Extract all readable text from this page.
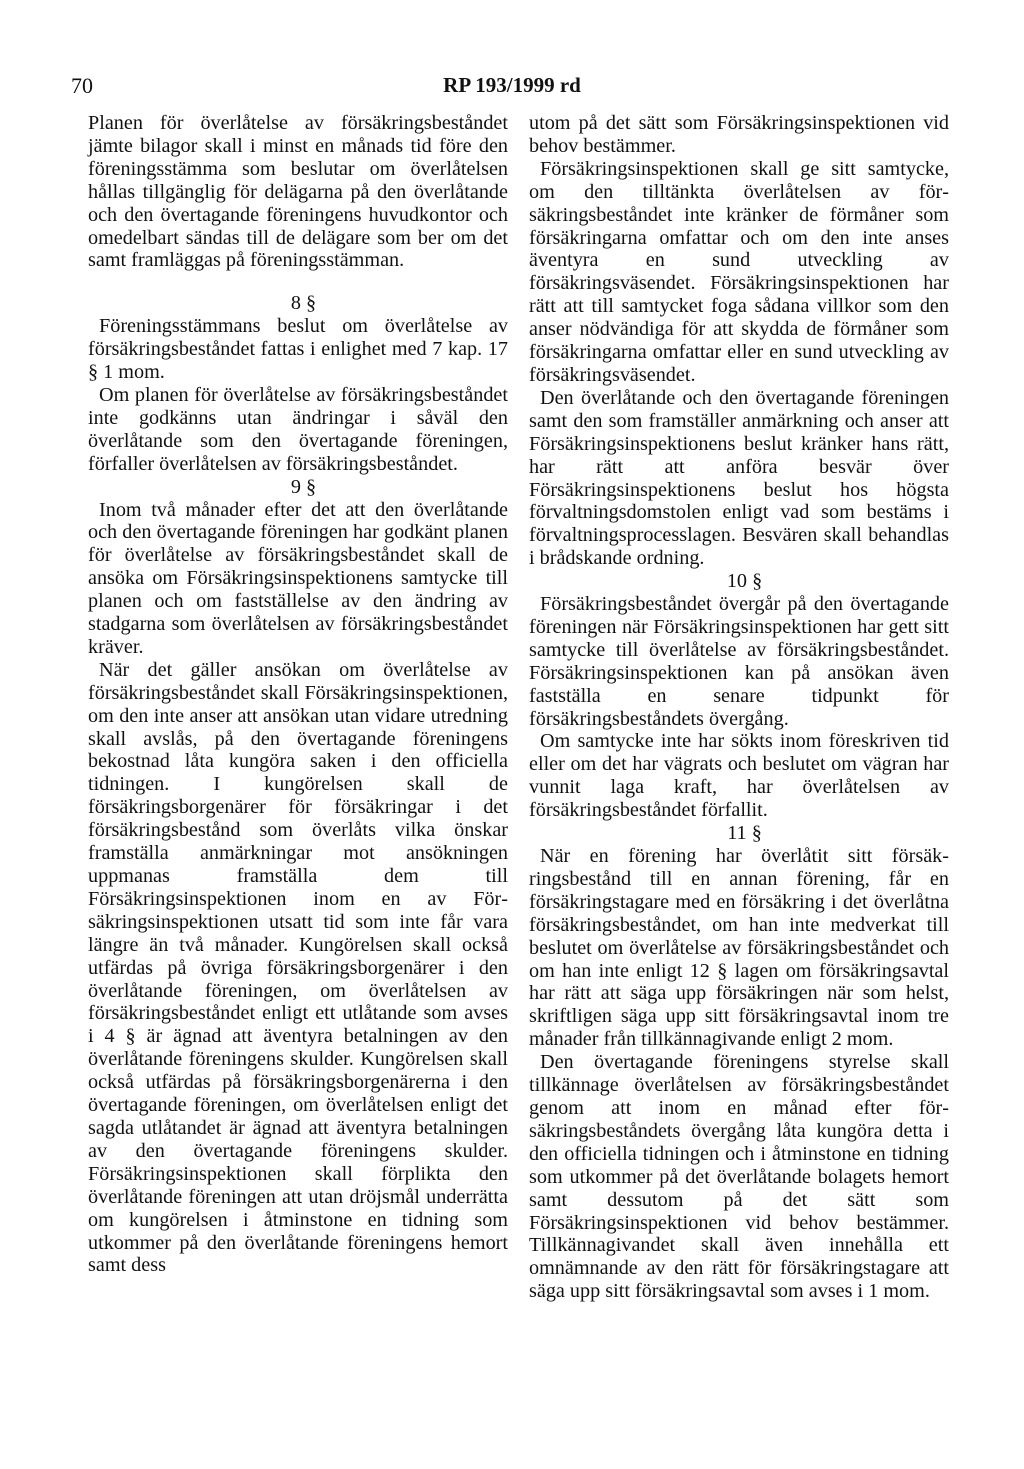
70	RP 193/1999 rd

Planen för överlåtelse av försäkringsbeståndet jämte bilagor skall i minst en månads tid före den föreningsstämma som beslutar om överlåtelsen hållas tillgänglig för delägarna på den överlåtande och den övertagande föreningens huvudkontor och omedelbart sändas till de delägare som ber om det samt framläggas på föreningsstämman.

8 §

Föreningsstämmans beslut om överlåtelse av försäkringsbeståndet fattas i enlighet med 7 kap. 17 § 1 mom.

Om planen för överlåtelse av försäkringsbeståndet inte godkänns utan ändringar i såväl den överlåtande som den övertagande föreningen, förfaller överlåtelsen av försäkringsbeståndet.

9 §

Inom två månader efter det att den överlåtande och den övertagande föreningen har godkänt planen för överlåtelse av försäkringsbeståndet skall de ansöka om Försäkringsinspektionens samtycke till planen och om fastställelse av den ändring av stadgarna som överlåtelsen av försäkringsbeståndet kräver.

När det gäller ansökan om överlåtelse av försäkringsbeståndet skall Försäkringsinspektionen, om den inte anser att ansökan utan vidare utredning skall avslås, på den övertagande föreningens bekostnad låta kungöra saken i den officiella tidningen. I kungörelsen skall de försäkringsborgenärer för försäkringar i det försäkringsbestånd som överlåts vilka önskar framställa anmärkningar mot ansökningen uppmanas framställa dem till Försäkringsinspektionen inom en av Försäkringsinspektionen utsatt tid som inte får vara längre än två månader. Kungörelsen skall också utfärdas på övriga försäkringsborgenärer i den överlåtande föreningen, om överlåtelsen av försäkringsbeståndet enligt ett utlåtande som avses i 4 § är ägnad att äventyra betalningen av den överlåtande föreningens skulder. Kungörelsen skall också utfärdas på försäkringsborgenärerna i den övertagande föreningen, om överlåtelsen enligt det sagda utlåtandet är ägnad att äventyra betalningen av den övertagande föreningens skulder. Försäkringsinspektionen skall förplikta den överlåtande föreningen att utan dröjsmål underrätta om kungörelsen i åtminstone en tidning som utkommer på den överlåtande föreningens hemort samt dess

utom på det sätt som Försäkringsinspektionen vid behov bestämmer.

Försäkringsinspektionen skall ge sitt samtycke, om den tilltänkta överlåtelsen av försäkringsbeståndet inte kränker de förmåner som försäkringarna omfattar och om den inte anses äventyra en sund utveckling av försäkringsväsendet. Försäkringsinspektionen har rätt att till samtycket foga sådana villkor som den anser nödvändiga för att skydda de förmåner som försäkringarna omfattar eller en sund utveckling av försäkringsväsendet.

Den överlåtande och den övertagande föreningen samt den som framställer anmärkning och anser att Försäkringsinspektionens beslut kränker hans rätt, har rätt att anföra besvär över Försäkringsinspektionens beslut hos högsta förvaltningsdomstolen enligt vad som bestäms i förvaltningsprocesslagen. Besvären skall behandlas i brådskande ordning.

10 §

Försäkringsbeståndet övergår på den övertagande föreningen när Försäkringsinspektionen har gett sitt samtycke till överlåtelse av försäkringsbeståndet. Försäkringsinspektionen kan på ansökan även fastställa en senare tidpunkt för försäkringsbeståndets övergång.

Om samtycke inte har sökts inom föreskriven tid eller om det har vägrats och beslutet om vägran har vunnit laga kraft, har överlåtelsen av försäkringsbeståndet förfallit.

11 §

När en förening har överlåtit sitt försäkringsbestånd till en annan förening, får en försäkringstagare med en försäkring i det överlåtna försäkringsbeståndet, om han inte medverkat till beslutet om överlåtelse av försäkringsbeståndet och om han inte enligt 12 § lagen om försäkringsavtal har rätt att säga upp försäkringen när som helst, skriftligen säga upp sitt försäkringsavtal inom tre månader från tillkännagivande enligt 2 mom.

Den övertagande föreningens styrelse skall tillkännage överlåtelsen av försäkringsbeståndet genom att inom en månad efter försäkringsbeståndets övergång låta kungöra detta i den officiella tidningen och i åtminstone en tidning som utkommer på det överlåtande bolagets hemort samt dessutom på det sätt som Försäkringsinspektionen vid behov bestämmer. Tillkännagivandet skall även innehålla ett omnämnande av den rätt för försäkringstagare att säga upp sitt försäkringsavtal som avses i 1 mom.
